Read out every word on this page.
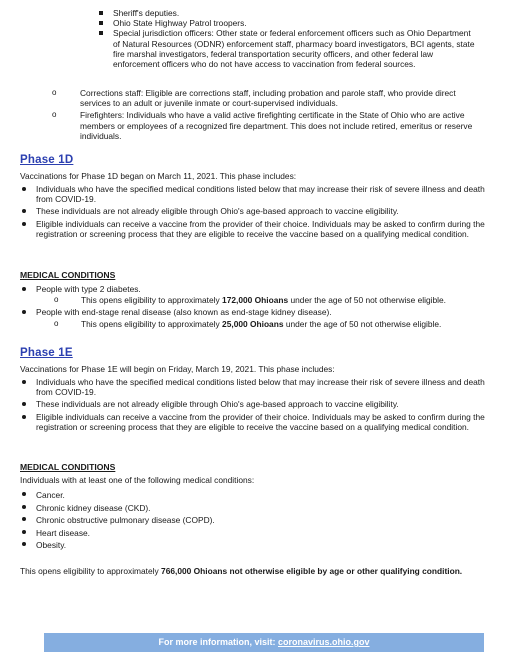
Sheriff's deputies.
Ohio State Highway Patrol troopers.
Special jurisdiction officers: Other state or federal enforcement officers such as Ohio Department of Natural Resources (ODNR) enforcement staff, pharmacy board investigators, BCI agents, state fire marshal investigators, federal transportation security officers, and other federal law enforcement officers who do not have access to vaccination from federal sources.
o Corrections staff: Eligible are corrections staff, including probation and parole staff, who provide direct services to an adult or juvenile inmate or court-supervised individuals.
o Firefighters: Individuals who have a valid active firefighting certificate in the State of Ohio who are active members or employees of a recognized fire department. This does not include retired, emeritus or reserve individuals.
Phase 1D
Vaccinations for Phase 1D began on March 11, 2021. This phase includes:
Individuals who have the specified medical conditions listed below that may increase their risk of severe illness and death from COVID-19.
These individuals are not already eligible through Ohio's age-based approach to vaccine eligibility.
Eligible individuals can receive a vaccine from the provider of their choice. Individuals may be asked to confirm during the registration or screening process that they are eligible to receive the vaccine based on a qualifying medical condition.
MEDICAL CONDITIONS
People with type 2 diabetes.
o This opens eligibility to approximately 172,000 Ohioans under the age of 50 not otherwise eligible.
People with end-stage renal disease (also known as end-stage kidney disease).
o This opens eligibility to approximately 25,000 Ohioans under the age of 50 not otherwise eligible.
Phase 1E
Vaccinations for Phase 1E will begin on Friday, March 19, 2021. This phase includes:
Individuals who have the specified medical conditions listed below that may increase their risk of severe illness and death from COVID-19.
These individuals are not already eligible through Ohio's age-based approach to vaccine eligibility.
Eligible individuals can receive a vaccine from the provider of their choice. Individuals may be asked to confirm during the registration or screening process that they are eligible to receive the vaccine based on a qualifying medical condition.
MEDICAL CONDITIONS
Individuals with at least one of the following medical conditions:
Cancer.
Chronic kidney disease (CKD).
Chronic obstructive pulmonary disease (COPD).
Heart disease.
Obesity.
This opens eligibility to approximately 766,000 Ohioans not otherwise eligible by age or other qualifying condition.
For more information, visit: coronavirus.ohio.gov
